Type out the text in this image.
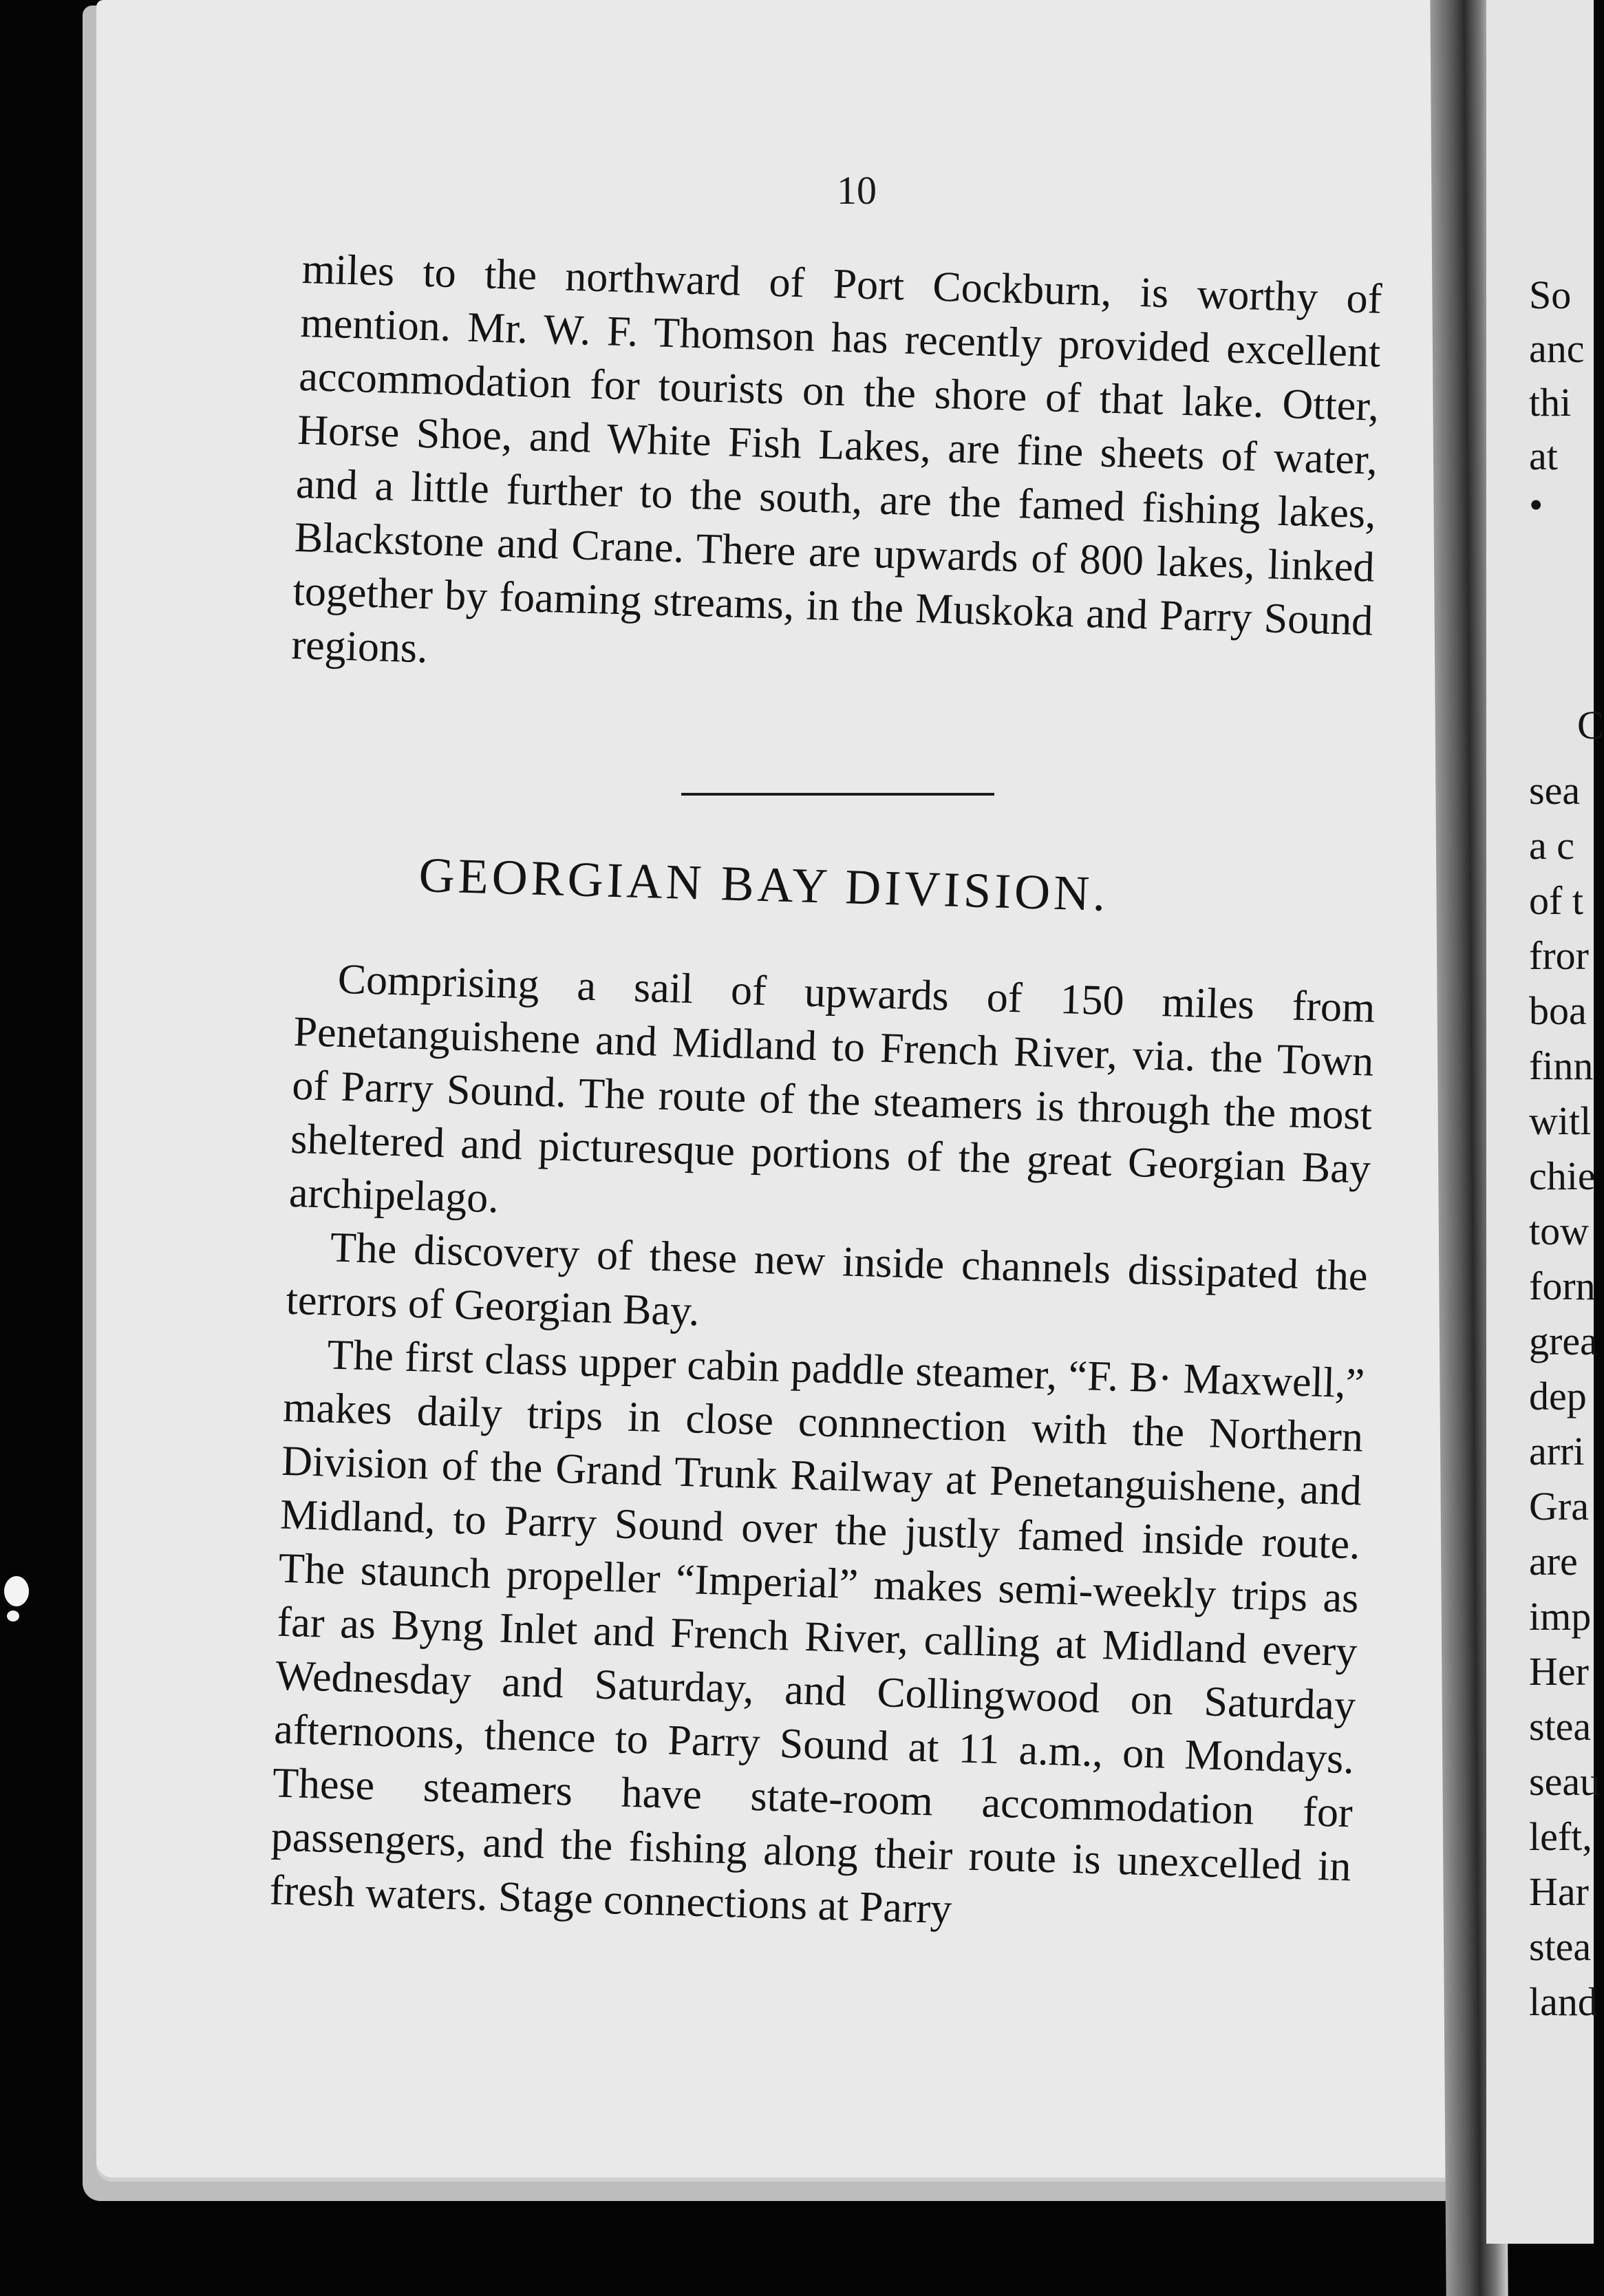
10

miles to the northward of Port Cockburn, is worthy of mention. Mr. W. F. Thomson has recently provided excellent accommodation for tourists on the shore of that lake. Otter, Horse Shoe, and White Fish Lakes, are fine sheets of water, and a little further to the south, are the famed fishing lakes, Blackstone and Crane. There are upwards of 800 lakes, linked together by foaming streams, in the Muskoka and Parry Sound regions.

GEORGIAN BAY DIVISION.

Comprising a sail of upwards of 150 miles from Penetanguishene and Midland to French River, via. the Town of Parry Sound. The route of the steamers is through the most sheltered and picturesque portions of the great Georgian Bay archipelago.

The discovery of these new inside channels dissipated the terrors of Georgian Bay.

The first class upper cabin paddle steamer, “F. B· Maxwell,” makes daily trips in close connnection with the Northern Division of the Grand Trunk Railway at Penetanguishene, and Midland, to Parry Sound over the justly famed inside route. The staunch propeller “Imperial” makes semi-weekly trips as far as Byng Inlet and French River, calling at Midland every Wednesday and Saturday, and Collingwood on Saturday afternoons, thence to Parry Sound at 11 a.m., on Mondays. These steamers have state-room accommodation for passengers, and the fishing along their route is unexcelled in fresh waters. Stage connections at Parry

So
anc
thi
at
•
C
sea
a c
of t
fror
boa
finn
witl
chie
tow
forn
grea
dep
arri
Gra
are
imp
Her
stea
seau
left,
Har
stea
land
